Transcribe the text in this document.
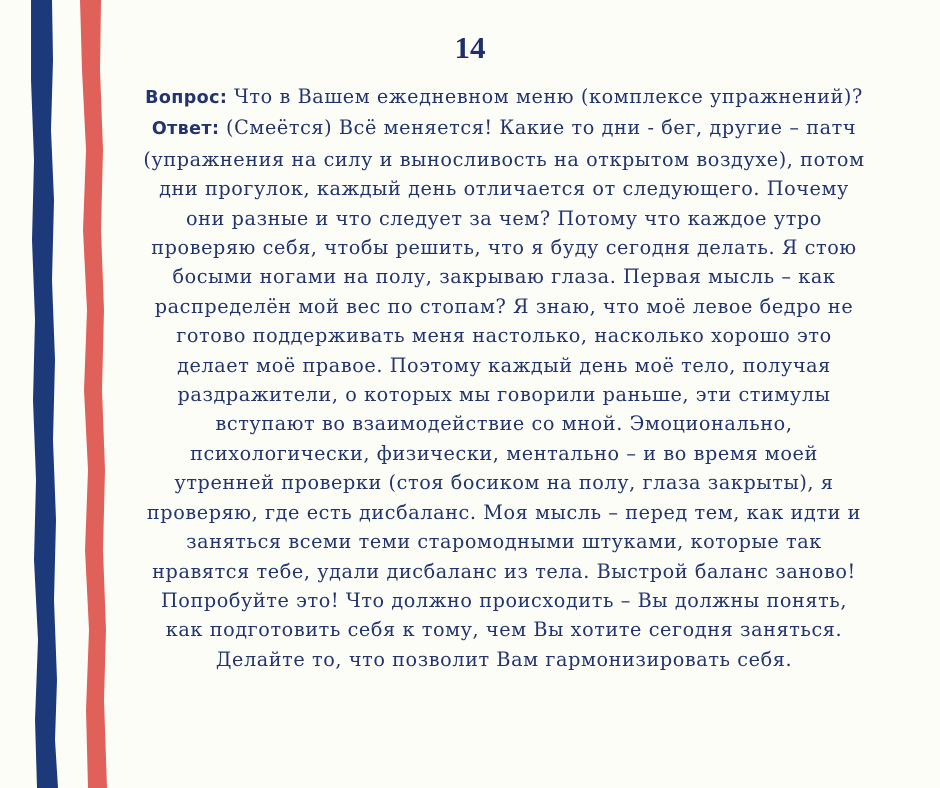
14

Вопрос: Что в Вашем ежедневном меню (комплексе упражнений)?

Ответ: (Смеётся) Всё меняется! Какие то дни - бег, другие – патч (упражнения на силу и выносливость на открытом воздухе), потом дни прогулок, каждый день отличается от следующего. Почему они разные и что следует за чем? Потому что каждое утро проверяю себя, чтобы решить, что я буду сегодня делать. Я стою босыми ногами на полу, закрываю глаза. Первая мысль – как распределён мой вес по стопам? Я знаю, что моё левое бедро не готово поддерживать меня настолько, насколько хорошо это делает моё правое. Поэтому каждый день моё тело, получая раздражители, о которых мы говорили раньше, эти стимулы вступают во взаимодействие со мной. Эмоционально, психологически, физически, ментально – и во время моей утренней проверки (стоя босиком на полу, глаза закрыты), я проверяю, где есть дисбаланс. Моя мысль – перед тем, как идти и заняться всеми теми старомодными штуками, которые так нравятся тебе, удали дисбаланс из тела. Выстрой баланс заново! Попробуйте это! Что должно происходить – Вы должны понять, как подготовить себя к тому, чем Вы хотите сегодня заняться. Делайте то, что позволит Вам гармонизировать себя.
